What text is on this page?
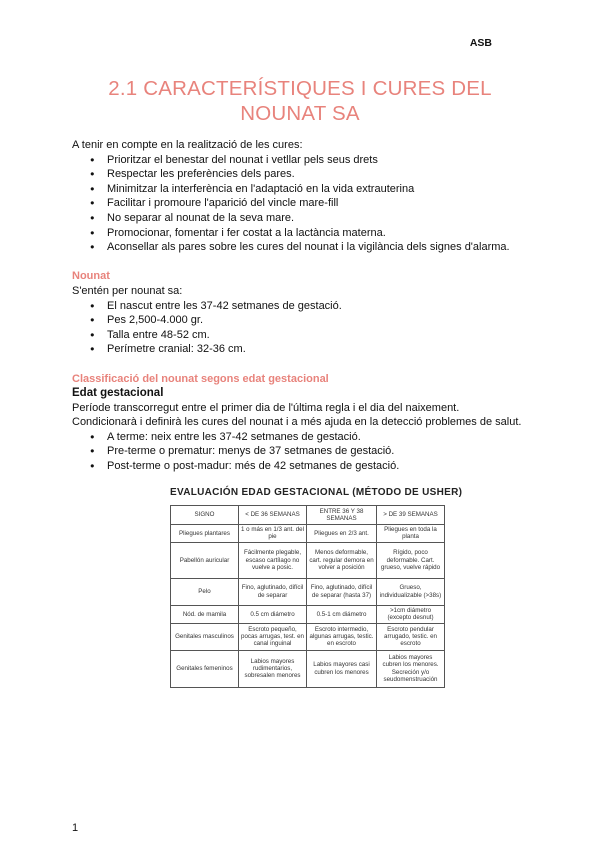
ASB
2.1 CARACTERÍSTIQUES I CURES DEL
NOUNAT SA

A tenir en compte en la realització de les cures:

● Prioritzar el benestar del nounat i vetllar pels seus drets
● Respectar les preferències dels pares.
● Minimitzar la interferència en l'adaptació en la vida extrauterina
● Facilitar i promoure l'aparició del vincle mare-fill
● No separar al nounat de la seva mare.
● Promocionar, fomentar i fer costat a la lactància materna.
● Aconsellar als pares sobre les cures del nounat i la vigilància dels signes d'alarma.

Nounat

S'entén per nounat sa:

● El nascut entre les 37-42 setmanes de gestació.
● Pes 2,500-4.000 gr.
● Talla entre 48-52 cm.
● Perímetre cranial: 32-36 cm.

Classificació del nounat segons edat gestacional

Edat gestacional

Període transcorregut entre el primer dia de l'última regla i el dia del naixement.

Condicionarà i definirà les cures del nounat i a més ajuda en la detecció problemes de salut.

● A terme: neix entre les 37-42 setmanes de gestació.
● Pre-terme o prematur: menys de 37 setmanes de gestació.
● Post-terme o post-madur: més de 42 setmanes de gestació.
EVALUACIÓN EDAD GESTACIONAL (MÉTODO DE USHER)
SIGNO	< DE 36 SEMANAS	ENTRE 36 Y 38 SEMANAS	> DE 39 SEMANAS
Pliegues plantares	1 o más en 1/3 ant. del pie	Pliegues en 2/3 ant.	Pliegues en toda la planta
Pabellón auricular	Fácilmente plegable, escaso cartílago no vuelve a posic.	Menos deformable, cart. regular demora en volver a posición	Rígido, poco deformable. Cart. grueso, vuelve rápido
Pelo	Fino, aglutinado, difícil de separar	Fino, aglutinado, difícil de separar (hasta 37)	Grueso, individualizable (>38s)
Nód. de mamila	0.5 cm diámetro	0.5-1 cm diámetro	>1cm diámetro (excepto desnut)
Genitales masculinos	Escroto pequeño, pocas arrugas, test. en canal inguinal	Escroto intermedio, algunas arrugas, testic. en escroto	Escroto pendular arrugado, testic. en escroto
Genitales femeninos	Labios mayores rudimentarios, sobresalen menores	Labios mayores casi cubren los menores	Labios mayores cubren los menores. Secreción y/o seudomenstruación
1
